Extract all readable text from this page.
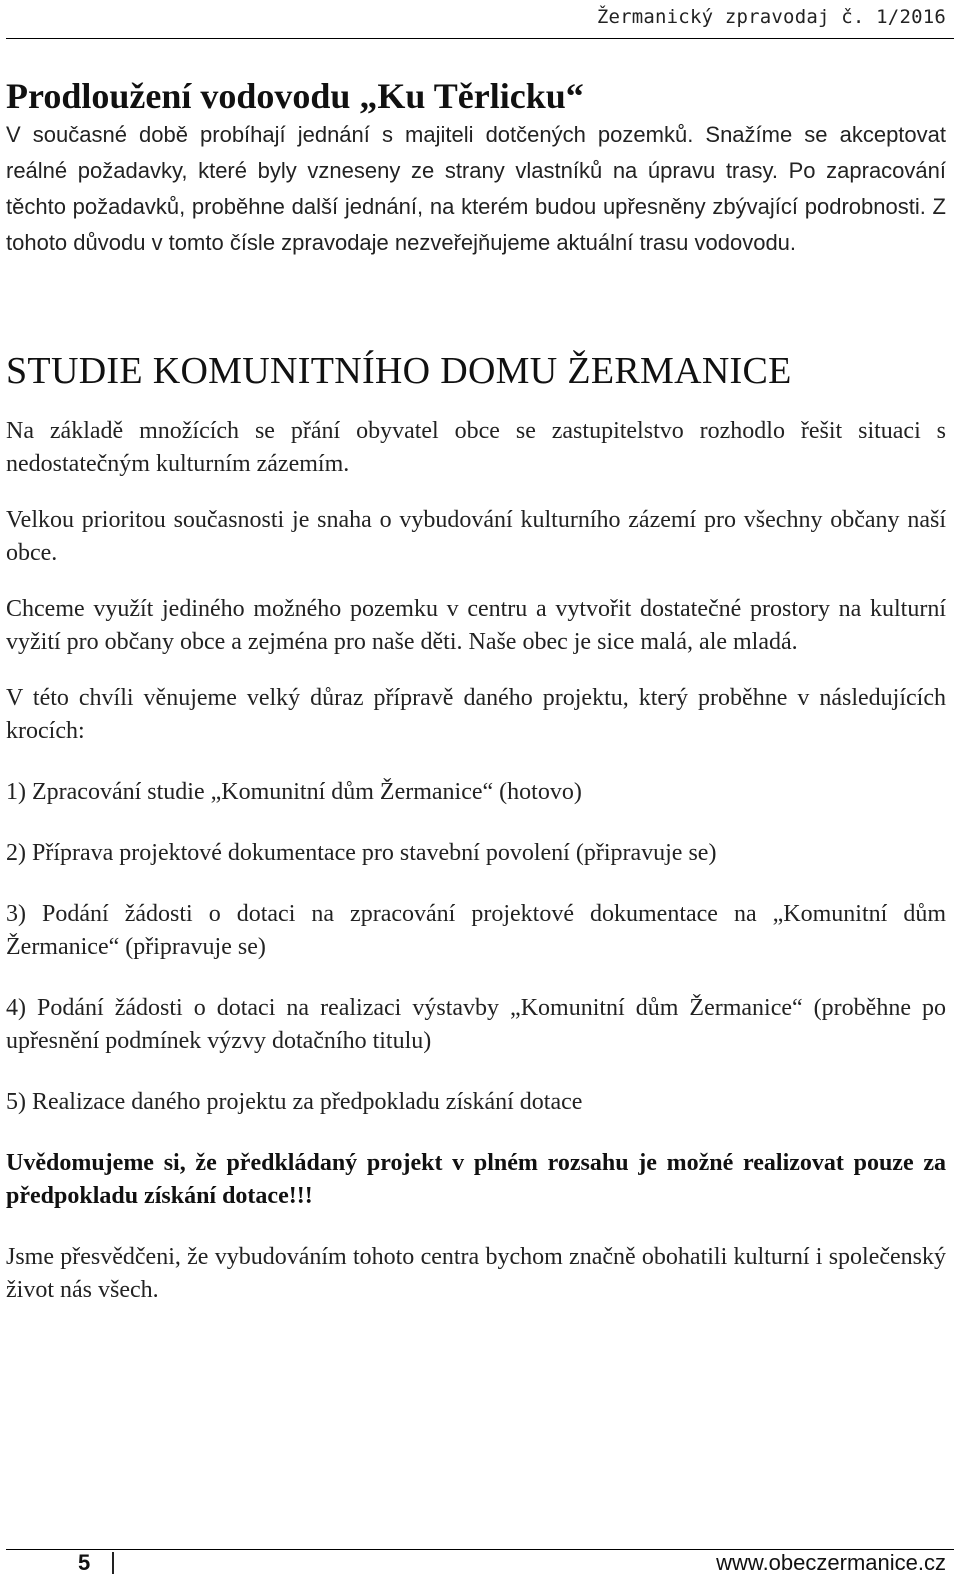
Žermanický zpravodaj č. 1/2016
Prodloužení vodovodu „Ku Těrlicku“

V současné době probíhají jednání s majiteli dotčených pozemků. Snažíme se akceptovat reálné požadavky, které byly vzneseny ze strany vlastníků na úpravu trasy. Po zapracování těchto požadavků, proběhne další jednání, na kterém budou upřesněny zbývající podrobnosti. Z tohoto důvodu v tomto čísle zpravodaje nezveřejňujeme aktuální trasu vodovodu.

STUDIE KOMUNITNÍHO DOMU ŽERMANICE

Na základě množících se přání obyvatel obce se zastupitelstvo rozhodlo řešit situaci s nedostatečným kulturním zázemím.

Velkou prioritou současnosti je snaha o vybudování kulturního zázemí pro všechny občany naší obce.

Chceme využít jediného možného pozemku v centru a vytvořit dostatečné prostory na kulturní vyžití pro občany obce a zejména pro naše děti. Naše obec je sice malá, ale mladá.

V této chvíli věnujeme velký důraz přípravě daného projektu, který proběhne v následujících krocích:

1) Zpracování studie „Komunitní dům Žermanice“ (hotovo)

2) Příprava projektové dokumentace pro stavební povolení (připravuje se)

3) Podání žádosti o dotaci na zpracování projektové dokumentace na „Komunitní dům Žermanice“ (připravuje se)

4) Podání žádosti o dotaci na realizaci výstavby „Komunitní dům Žermanice“ (proběhne po upřesnění podmínek výzvy dotačního titulu)

5) Realizace daného projektu za předpokladu získání dotace

Uvědomujeme si, že předkládaný projekt v plném rozsahu je možné realizovat pouze za předpokladu získání dotace!!!

Jsme přesvědčeni, že vybudováním tohoto centra bychom značně obohatili kulturní i společenský život nás všech.

5	www.obeczermanice.cz
